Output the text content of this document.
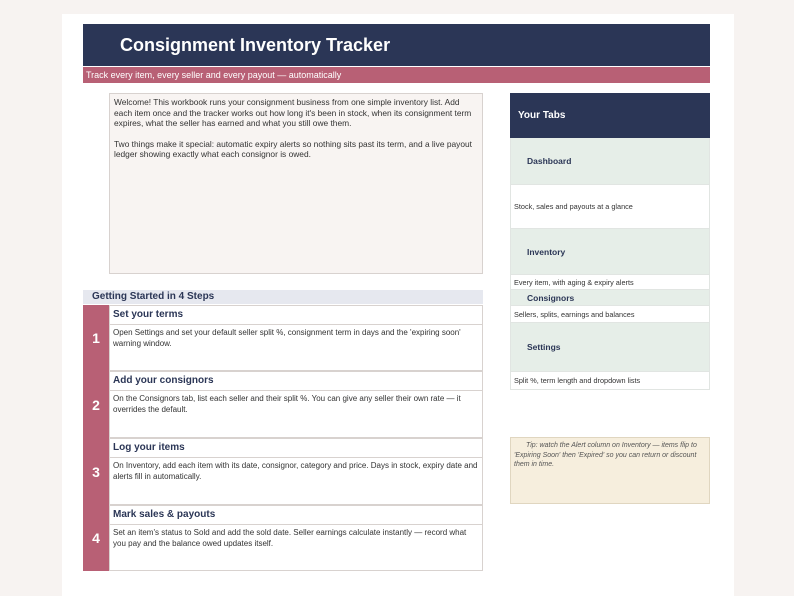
Consignment Inventory Tracker
Track every item, every seller and every payout — automatically

Welcome! This workbook runs your consignment business from one simple inventory list. Add each item once and the tracker works out how long it's been in stock, when its consignment term expires, what the seller has earned and what you still owe them.

Two things make it special: automatic expiry alerts so nothing sits past its term, and a live payout ledger showing exactly what each consignor is owed.

Getting Started in 4 Steps
1
Set your terms
Open Settings and set your default seller split %, consignment term in days and the 'expiring soon' warning window.
2
Add your consignors
On the Consignors tab, list each seller and their split %. You can give any seller their own rate — it overrides the default.
3
Log your items
On Inventory, add each item with its date, consignor, category and price. Days in stock, expiry date and alerts fill in automatically.
4
Mark sales & payouts
Set an item's status to Sold and add the sold date. Seller earnings calculate instantly — record what you pay and the balance owed updates itself.
Your Tabs
Dashboard
Stock, sales and payouts at a glance
Inventory
Every item, with aging & expiry alerts
Consignors
Sellers, splits, earnings and balances
Settings
Split %, term length and dropdown lists
Tip: watch the Alert column on Inventory — items flip to 'Expiring Soon' then 'Expired' so you can return or discount them in time.
